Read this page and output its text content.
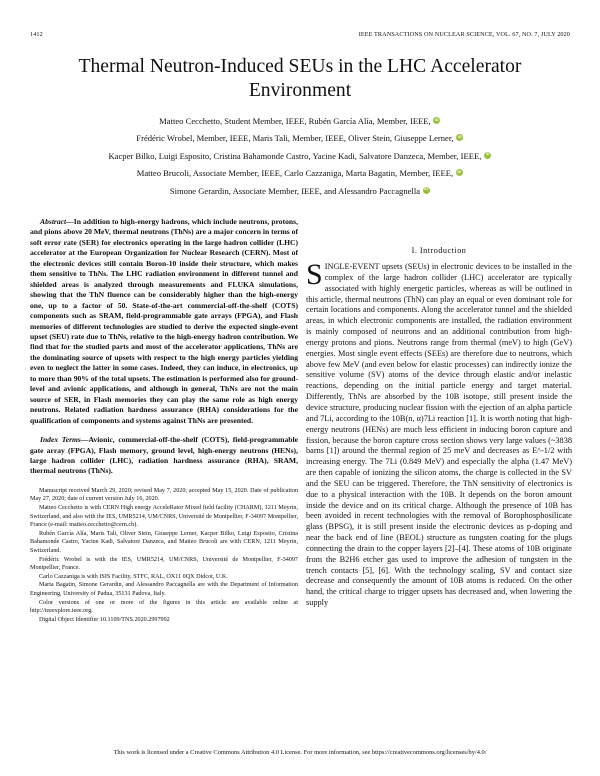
1412	IEEE TRANSACTIONS ON NUCLEAR SCIENCE, VOL. 67, NO. 7, JULY 2020
Thermal Neutron-Induced SEUs in the LHC Accelerator Environment
Matteo Cecchetto, Student Member, IEEE, Rubén García Alía, Member, IEEE, iD
Frédéric Wrobel, Member, IEEE, Maris Tali, Member, IEEE, Oliver Stein, Giuseppe Lerner, iD
Kacper Bilko, Luigi Esposito, Cristina Bahamonde Castro, Yacine Kadi, Salvatore Danzeca, Member, IEEE, iD
Matteo Brucoli, Associate Member, IEEE, Carlo Cazzaniga, Marta Bagatin, Member, IEEE, iD
Simone Gerardin, Associate Member, IEEE, and Alessandro Paccagnella iD

Abstract—In addition to high-energy hadrons, which include neutrons, protons, and pions above 20 MeV, thermal neutrons (ThNs) are a major concern in terms of soft error rate (SER) for electronics operating in the large hadron collider (LHC) accelerator at the European Organization for Nuclear Research (CERN). Most of the electronic devices still contain Boron-10 inside their structure, which makes them sensitive to ThNs. The LHC radiation environment in different tunnel and shielded areas is analyzed through measurements and FLUKA simulations, showing that the ThN fluence can be considerably higher than the high-energy one, up to a factor of 50. State-of-the-art commercial-off-the-shelf (COTS) components such as SRAM, field-programmable gate arrays (FPGA), and Flash memories of different technologies are studied to derive the expected single-event upset (SEU) rate due to ThNs, relative to the high-energy hadron contribution. We find that for the studied parts and most of the accelerator applications, ThNs are the dominating source of upsets with respect to the high energy particles yielding even to neglect the latter in some cases. Indeed, they can induce, in electronics, up to more than 90% of the total upsets. The estimation is performed also for ground-level and avionic applications, and although in general, ThNs are not the main source of SER, in Flash memories they can play the same role as high energy neutrons. Related radiation hardness assurance (RHA) considerations for the qualification of components and systems against ThNs are presented.

Index Terms—Avionic, commercial-off-the-shelf (COTS), field-programmable gate array (FPGA), Flash memory, ground level, high-energy neutrons (HENs), large hadron collider (LHC), radiation hardness assurance (RHA), SRAM, thermal neutrons (ThNs).

Manuscript received March 29, 2020; revised May 7, 2020; accepted May 15, 2020. Date of publication May 27, 2020; date of current version July 16, 2020.

Matteo Cecchetto is with CERN High energy AcceleRator Mixed field facility (CHARM), 1211 Meyrin, Switzerland, and also with the IES, UMR5214, UM/CNRS, Université de Montpellier, F-34097 Montpellier, France (e-mail: matteo.cecchetto@cern.ch).

Rubén García Alía, Maris Tali, Oliver Stein, Giuseppe Lerner, Kacper Bilko, Luigi Esposito, Cristina Bahamonde Castro, Yacine Kadi, Salvatore Danzeca, and Matteo Brucoli are with CERN, 1211 Meyrin, Switzerland.

Frédéric Wrobel is with the IES, UMR5214, UM/CNRS, Université de Montpellier, F-34097 Montpellier, France.

Carlo Cazzaniga is with ISIS Facility, STFC, RAL, OX11 0QX Didcot, U.K.

Marta Bagatin, Simone Gerardin, and Alessandro Paccagnella are with the Department of Information Engineering, University of Padua, 35131 Padova, Italy.

Color versions of one or more of the figures in this article are available online at http://ieeexplore.ieee.org.

Digital Object Identifier 10.1109/TNS.2020.2997992

I. Introduction

SINGLE-EVENT upsets (SEUs) in electronic devices to be installed in the complex of the large hadron collider (LHC) accelerator are typically associated with highly energetic particles, whereas as will be outlined in this article, thermal neutrons (ThN) can play an equal or even dominant role for certain locations and components. Along the accelerator tunnel and the shielded areas, in which electronic components are installed, the radiation environment is mainly composed of neutrons and an additional contribution from high-energy protons and pions. Neutrons range from thermal (meV) to high (GeV) energies. Most single event effects (SEEs) are therefore due to neutrons, which above few MeV (and even below for elastic processes) can indirectly ionize the sensitive volume (SV) atoms of the device through elastic and/or inelastic reactions, depending on the initial particle energy and target material. Differently, ThNs are absorbed by the 10B isotope, still present inside the device structure, producing nuclear fission with the ejection of an alpha particle and 7Li, according to the 10B(n, α)7Li reaction [1]. It is worth noting that high-energy neutrons (HENs) are much less efficient in inducing boron capture and fission, because the boron capture cross section shows very large values (~3838 barns [1]) around the thermal region of 25 meV and decreases as E^-1/2 with increasing energy. The 7Li (0.849 MeV) and especially the alpha (1.47 MeV) are then capable of ionizing the silicon atoms, the charge is collected in the SV and the SEU can be triggered. Therefore, the ThN sensitivity of electronics is due to a physical interaction with the 10B. It depends on the boron amount inside the device and on its critical charge. Although the presence of 10B has been avoided in recent technologies with the removal of Borophosphosilicate glass (BPSG), it is still present inside the electronic devices as p-doping and near the back end of line (BEOL) structure as tungsten coating for the plugs connecting the drain to the copper layers [2]–[4]. These atoms of 10B originate from the B2H6 etcher gas used to improve the adhesion of tungsten in the trench contacts [5], [6]. With the technology scaling, SV and contact size decrease and consequently the amount of 10B atoms is reduced. On the other hand, the critical charge to trigger upsets has decreased and, when lowering the supply

This work is licensed under a Creative Commons Attribution 4.0 License. For more information, see https://creativecommons.org/licenses/by/4.0/
